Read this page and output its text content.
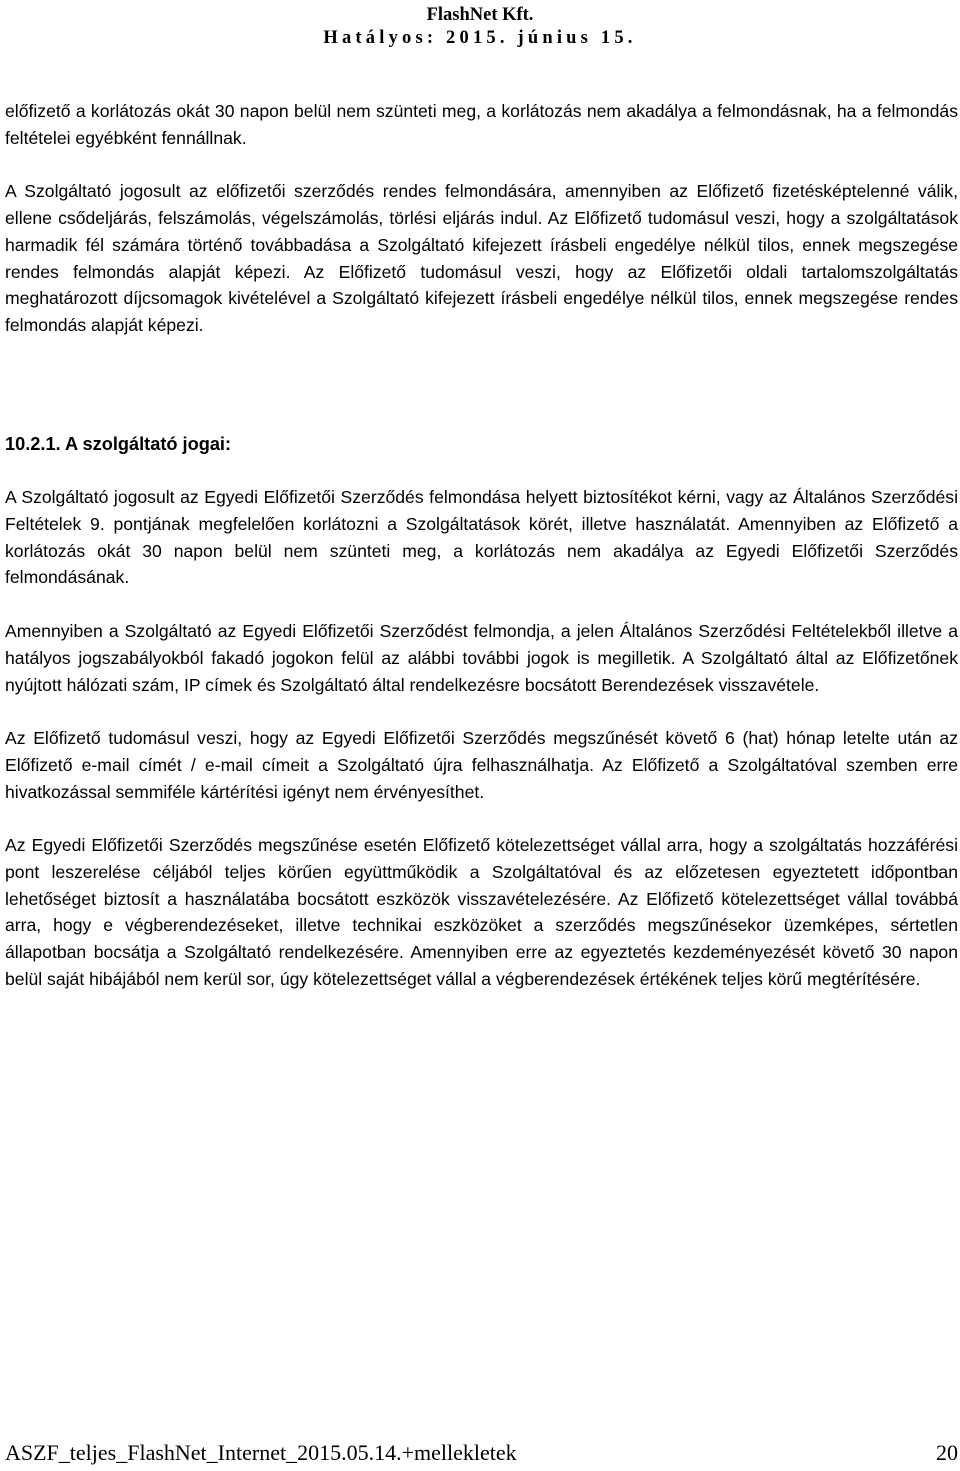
FlashNet Kft.
Hatályos: 2015. június 15.

előfizető a korlátozás okát 30 napon belül nem szünteti meg, a korlátozás nem akadálya a felmondásnak, ha a felmondás feltételei egyébként fennállnak.

A Szolgáltató jogosult az előfizetői szerződés rendes felmondására, amennyiben az Előfizető fizetésképtelenné válik, ellene csődeljárás, felszámolás, végelszámolás, törlési eljárás indul. Az Előfizető tudomásul veszi, hogy a szolgáltatások harmadik fél számára történő továbbadása a Szolgáltató kifejezett írásbeli engedélye nélkül tilos, ennek megszegése rendes felmondás alapját képezi. Az Előfizető tudomásul veszi, hogy az Előfizetői oldali tartalomszolgáltatás meghatározott díjcsomagok kivételével a Szolgáltató kifejezett írásbeli engedélye nélkül tilos, ennek megszegése rendes felmondás alapját képezi.

10.2.1. A szolgáltató jogai:

A Szolgáltató jogosult az Egyedi Előfizetői Szerződés felmondása helyett biztosítékot kérni, vagy az Általános Szerződési Feltételek 9. pontjának megfelelően korlátozni a Szolgáltatások körét, illetve használatát. Amennyiben az Előfizető a korlátozás okát 30 napon belül nem szünteti meg, a korlátozás nem akadálya az Egyedi Előfizetői Szerződés felmondásának.

Amennyiben a Szolgáltató az Egyedi Előfizetői Szerződést felmondja, a jelen Általános Szerződési Feltételekből illetve a hatályos jogszabályokból fakadó jogokon felül az alábbi további jogok is megilletik. A Szolgáltató által az Előfizetőnek nyújtott hálózati szám, IP címek és Szolgáltató által rendelkezésre bocsátott Berendezések visszavétele.

Az Előfizető tudomásul veszi, hogy az Egyedi Előfizetői Szerződés megszűnését követő 6 (hat) hónap letelte után az Előfizető e-mail címét / e-mail címeit a Szolgáltató újra felhasználhatja. Az Előfizető a Szolgáltatóval szemben erre hivatkozással semmiféle kártérítési igényt nem érvényesíthet.

Az Egyedi Előfizetői Szerződés megszűnése esetén Előfizető kötelezettséget vállal arra, hogy a szolgáltatás hozzáférési pont leszerelése céljából teljes körűen együttműködik a Szolgáltatóval és az előzetesen egyeztetett időpontban lehetőséget biztosít a használatába bocsátott eszközök visszavételezésére. Az Előfizető kötelezettséget vállal továbbá arra, hogy e végberendezéseket, illetve technikai eszközöket a szerződés megszűnésekor üzemképes, sértetlen állapotban bocsátja a Szolgáltató rendelkezésére. Amennyiben erre az egyeztetés kezdeményezését követő 30 napon belül saját hibájából nem kerül sor, úgy kötelezettséget vállal a végberendezések értékének teljes körű megtérítésére.

ASZF_teljes_FlashNet_Internet_2015.05.14.+mellekletek	20
